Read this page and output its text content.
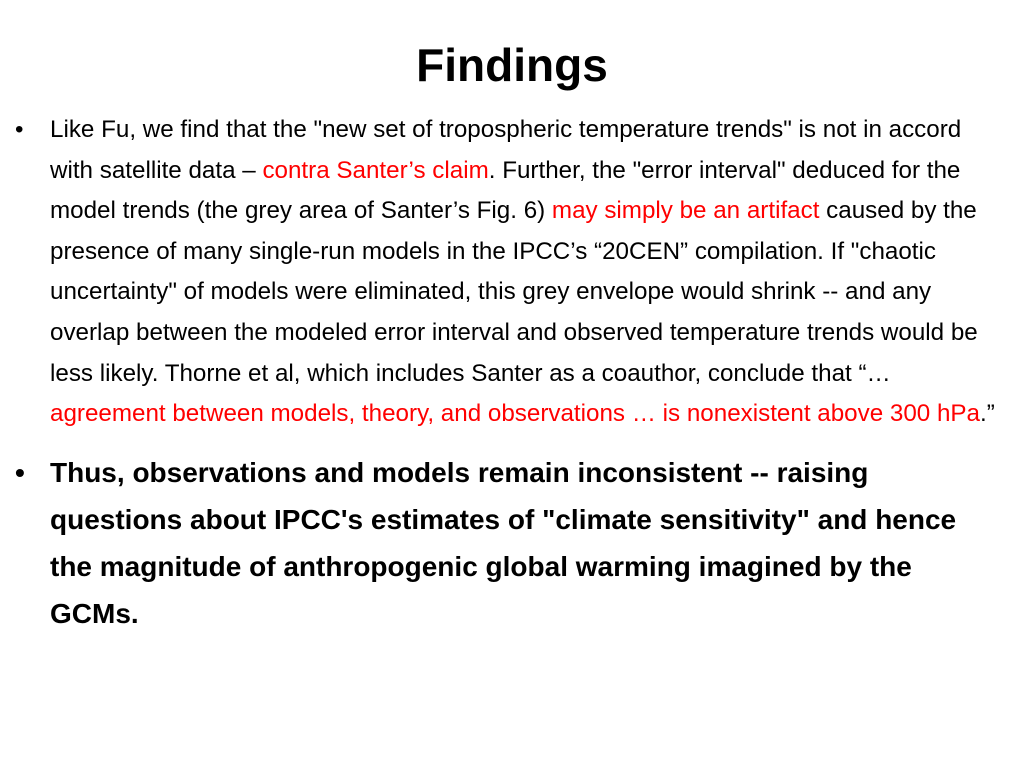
Findings
• Like Fu, we find that the "new set of tropospheric temperature trends" is not in accord with satellite data – contra Santer’s claim. Further, the "error interval" deduced for the model trends (the grey area of Santer’s Fig. 6) may simply be an artifact caused by the presence of many single-run models in the IPCC’s “20CEN” compilation. If "chaotic uncertainty" of models were eliminated, this grey envelope would shrink -- and any overlap between the modeled error interval and observed temperature trends would be less likely. Thorne et al, which includes Santer as a coauthor, conclude that “… agreement between models, theory, and observations … is nonexistent above 300 hPa.”
• Thus, observations and models remain inconsistent -- raising questions about IPCC's estimates of "climate sensitivity" and hence the magnitude of anthropogenic global warming imagined by the GCMs.
